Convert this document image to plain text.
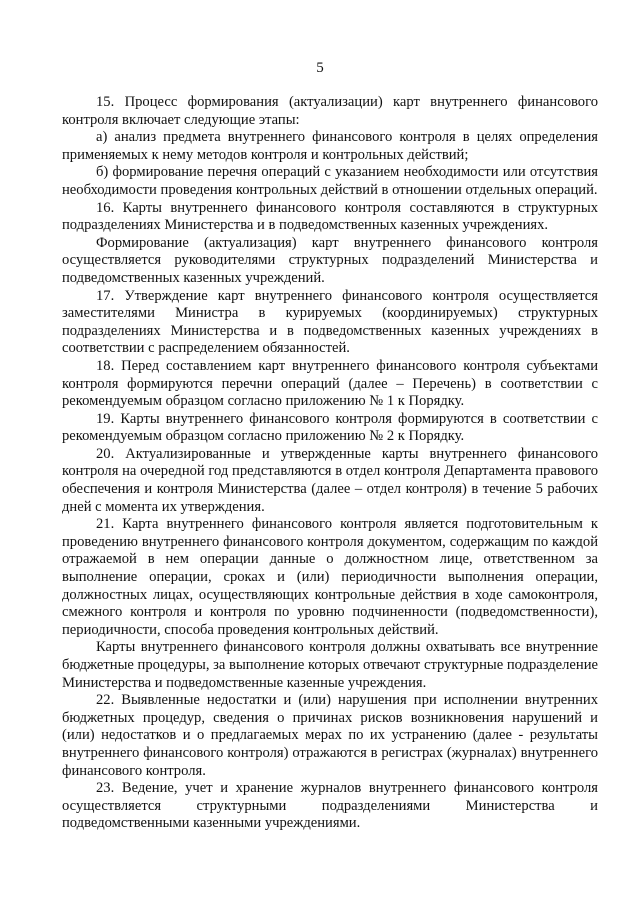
5

15. Процесс формирования (актуализации) карт внутреннего финансового контроля включает следующие этапы:

а) анализ предмета внутреннего финансового контроля в целях определения применяемых к нему методов контроля и контрольных действий;

б) формирование перечня операций с указанием необходимости или отсутствия необходимости проведения контрольных действий в отношении отдельных операций.

16. Карты внутреннего финансового контроля составляются в структурных подразделениях Министерства и в подведомственных казенных учреждениях.

Формирование (актуализация) карт внутреннего финансового контроля осуществляется руководителями структурных подразделений Министерства и подведомственных казенных учреждений.

17. Утверждение карт внутреннего финансового контроля осуществляется заместителями Министра в курируемых (координируемых) структурных подразделениях Министерства и в подведомственных казенных учреждениях в соответствии с распределением обязанностей.

18. Перед составлением карт внутреннего финансового контроля субъектами контроля формируются перечни операций (далее – Перечень) в соответствии с рекомендуемым образцом согласно приложению № 1 к Порядку.

19. Карты внутреннего финансового контроля формируются в соответствии с рекомендуемым образцом согласно приложению № 2 к Порядку.

20. Актуализированные и утвержденные карты внутреннего финансового контроля на очередной год представляются в отдел контроля Департамента правового обеспечения и контроля Министерства (далее – отдел контроля) в течение 5 рабочих дней с момента их утверждения.

21. Карта внутреннего финансового контроля является подготовительным к проведению внутреннего финансового контроля документом, содержащим по каждой отражаемой в нем операции данные о должностном лице, ответственном за выполнение операции, сроках и (или) периодичности выполнения операции, должностных лицах, осуществляющих контрольные действия в ходе самоконтроля, смежного контроля и контроля по уровню подчиненности (подведомственности), периодичности, способа проведения контрольных действий.

Карты внутреннего финансового контроля должны охватывать все внутренние бюджетные процедуры, за выполнение которых отвечают структурные подразделение Министерства и подведомственные казенные учреждения.

22. Выявленные недостатки и (или) нарушения при исполнении внутренних бюджетных процедур, сведения о причинах рисков возникновения нарушений и (или) недостатков и о предлагаемых мерах по их устранению (далее - результаты внутреннего финансового контроля) отражаются в регистрах (журналах) внутреннего финансового контроля.

23. Ведение, учет и хранение журналов внутреннего финансового контроля осуществляется структурными подразделениями Министерства и подведомственными казенными учреждениями.
